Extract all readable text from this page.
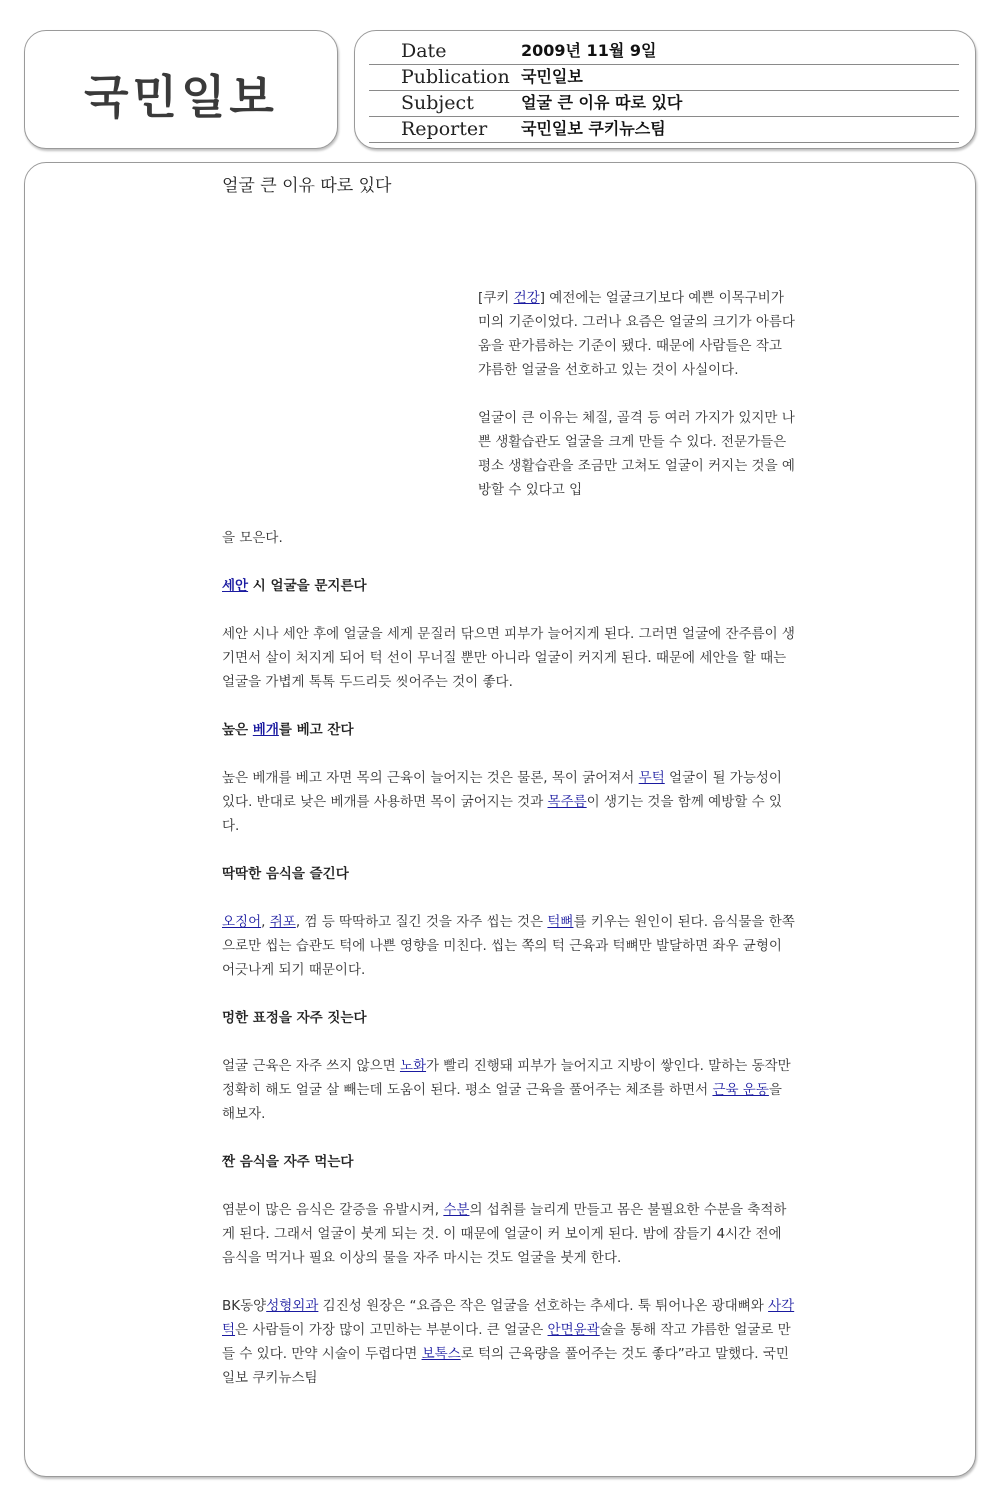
국민일보
Date	2009년 11월 9일
Publication 국민일보
Subject	얼굴 큰 이유 따로 있다
Reporter 국민일보 쿠키뉴스팀
얼굴 큰 이유 따로 있다

[쿠키 건강] 예전에는 얼굴크기보다 예쁜 이목구비가 미의 기준이었다. 그러나 요즘은 얼굴의 크기가 아름다움을 판가름하는 기준이 됐다. 때문에 사람들은 작고 갸름한 얼굴을 선호하고 있는 것이 사실이다.

얼굴이 큰 이유는 체질, 골격 등 여러 가지가 있지만 나쁜 생활습관도 얼굴을 크게 만들 수 있다. 전문가들은 평소 생활습관을 조금만 고쳐도 얼굴이 커지는 것을 예방할 수 있다고 입

을 모은다.

세안 시 얼굴을 문지른다

세안 시나 세안 후에 얼굴을 세게 문질러 닦으면 피부가 늘어지게 된다. 그러면 얼굴에 잔주름이 생기면서 살이 처지게 되어 턱 선이 무너질 뿐만 아니라 얼굴이 커지게 된다. 때문에 세안을 할 때는 얼굴을 가볍게 톡톡 두드리듯 씻어주는 것이 좋다.

높은 베개를 베고 잔다

높은 베개를 베고 자면 목의 근육이 늘어지는 것은 물론, 목이 굵어져서 무턱 얼굴이 될 가능성이 있다. 반대로 낮은 베개를 사용하면 목이 굵어지는 것과 목주름이 생기는 것을 함께 예방할 수 있다.

딱딱한 음식을 즐긴다

오징어, 쥐포, 껌 등 딱딱하고 질긴 것을 자주 씹는 것은 턱뼈를 키우는 원인이 된다. 음식물을 한쪽으로만 씹는 습관도 턱에 나쁜 영향을 미친다. 씹는 쪽의 턱 근육과 턱뼈만 발달하면 좌우 균형이 어긋나게 되기 때문이다.

멍한 표정을 자주 짓는다

얼굴 근육은 자주 쓰지 않으면 노화가 빨리 진행돼 피부가 늘어지고 지방이 쌓인다. 말하는 동작만 정확히 해도 얼굴 살 빼는데 도움이 된다. 평소 얼굴 근육을 풀어주는 체조를 하면서 근육 운동을 해보자.

짠 음식을 자주 먹는다

염분이 많은 음식은 갈증을 유발시켜, 수분의 섭취를 늘리게 만들고 몸은 불필요한 수분을 축적하게 된다. 그래서 얼굴이 붓게 되는 것. 이 때문에 얼굴이 커 보이게 된다. 밤에 잠들기 4시간 전에 음식을 먹거나 필요 이상의 물을 자주 마시는 것도 얼굴을 붓게 한다.

BK동양성형외과 김진성 원장은 “요즘은 작은 얼굴을 선호하는 추세다. 툭 튀어나온 광대뼈와 사각턱은 사람들이 가장 많이 고민하는 부분이다. 큰 얼굴은 안면윤곽술을 통해 작고 갸름한 얼굴로 만들 수 있다. 만약 시술이 두렵다면 보톡스로 턱의 근육량을 풀어주는 것도 좋다”라고 말했다. 국민일보 쿠키뉴스팀
